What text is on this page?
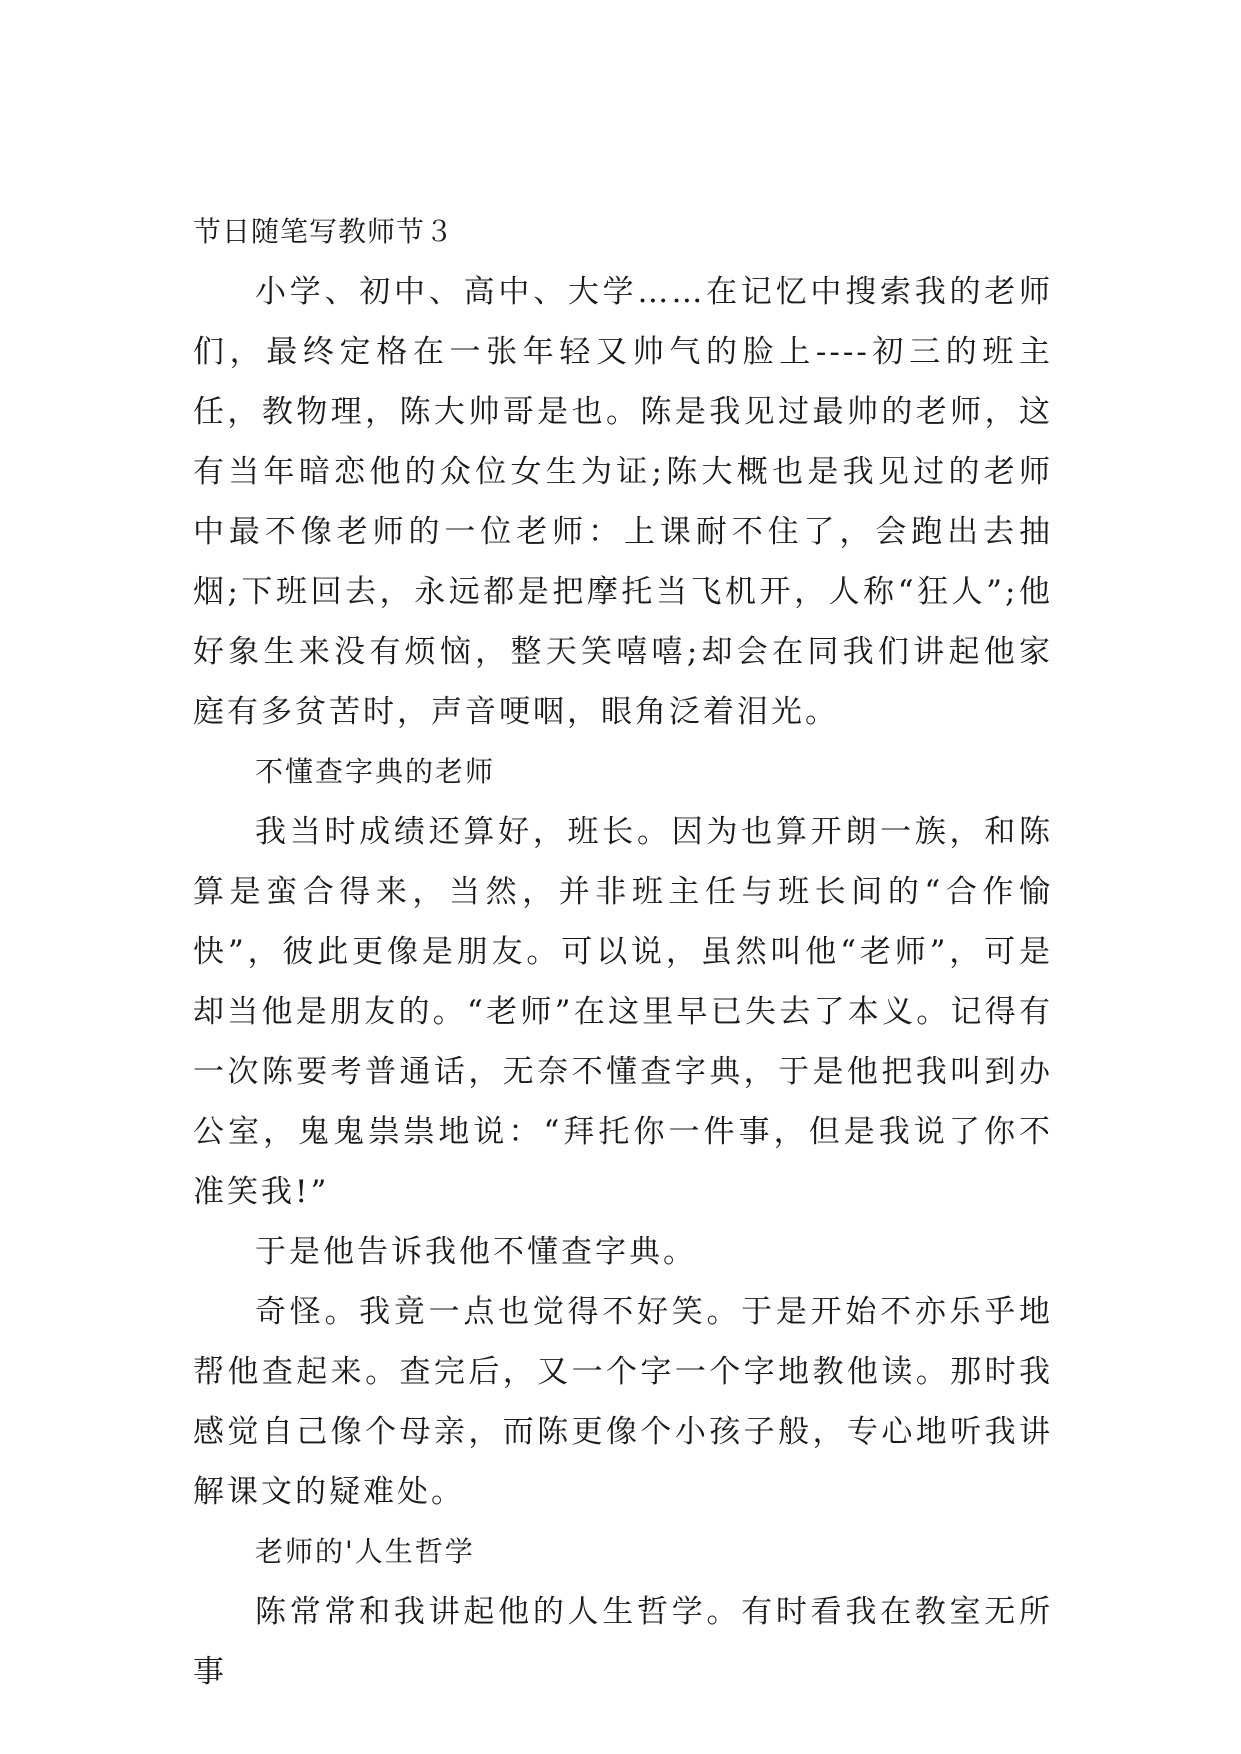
节日随笔写教师节３

小学、初中、高中、大学……在记忆中搜索我的老师们，最终定格在一张年轻又帅气的脸上----初三的班主任，教物理，陈大帅哥是也。陈是我见过最帅的老师，这有当年暗恋他的众位女生为证;陈大概也是我见过的老师中最不像老师的一位老师：上课耐不住了，会跑出去抽烟;下班回去，永远都是把摩托当飞机开，人称“狂人”;他好象生来没有烦恼，整天笑嘻嘻;却会在同我们讲起他家庭有多贫苦时，声音哽咽，眼角泛着泪光。

不懂查字典的老师

我当时成绩还算好，班长。因为也算开朗一族，和陈算是蛮合得来，当然，并非班主任与班长间的“合作愉快”，彼此更像是朋友。可以说，虽然叫他“老师”，可是却当他是朋友的。“老师”在这里早已失去了本义。记得有一次陈要考普通话，无奈不懂查字典，于是他把我叫到办公室，鬼鬼祟祟地说：“拜托你一件事，但是我说了你不准笑我!”

于是他告诉我他不懂查字典。

奇怪。我竟一点也觉得不好笑。于是开始不亦乐乎地帮他查起来。查完后，又一个字一个字地教他读。那时我感觉自己像个母亲，而陈更像个小孩子般，专心地听我讲解课文的疑难处。

老师的'人生哲学

陈常常和我讲起他的人生哲学。有时看我在教室无所事
